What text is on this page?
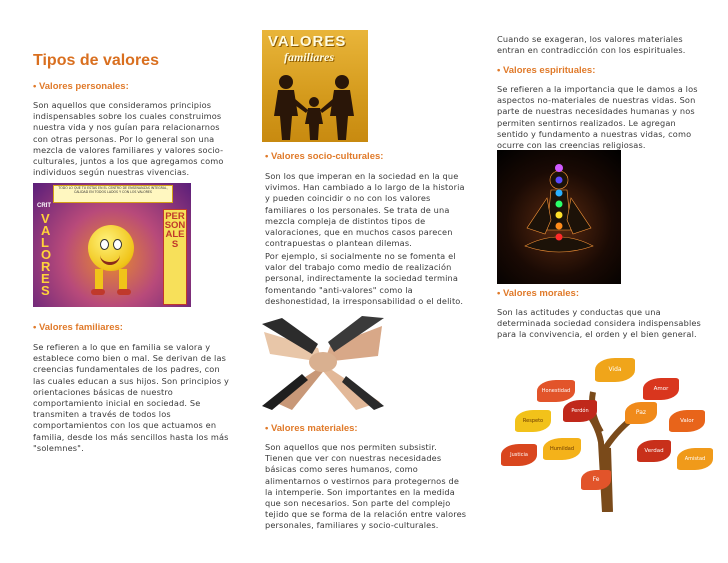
Tipos de valores
• Valores personales:
Son aquellos que consideramos principios indispensables sobre los cuales construimos nuestra vida y nos guían para relacionarnos con otras personas. Por lo general son una mezcla de valores familiares y valores socio-culturales, juntos a los que agregamos como individuos según nuestras vivencias.
TODO LO QUE TÚ ESTÁS EN EL CENTRO DE ENSEÑANZAS INTEGRAL, CALIDAD EN TODOS LADOS Y CON LOS VALORES
CRIT
VALORES
PERSONALES
• Valores familiares:
Se refieren a lo que en familia se valora y establece como bien o mal. Se derivan de las creencias fundamentales de los padres, con las cuales educan a sus hijos. Son principios y orientaciones básicas de nuestro comportamiento inicial en sociedad. Se transmiten a través de todos los comportamientos con los que actuamos en familia, desde los más sencillos hasta los más "solemnes".
VALORES
familiares
• Valores socio-culturales:
Son los que imperan en la sociedad en la que vivimos. Han cambiado a lo largo de la historia y pueden coincidir o no con los valores familiares o los personales. Se trata de una mezcla compleja de distintos tipos de valoraciones, que en muchos casos parecen contrapuestas o plantean dilemas.
Por ejemplo, si socialmente no se fomenta el valor del trabajo como medio de realización personal, indirectamente la sociedad termina fomentando "anti-valores" como la deshonestidad, la irresponsabilidad o el delito.
• Valores materiales:
Son aquellos que nos permiten subsistir. Tienen que ver con nuestras necesidades básicas como seres humanos, como alimentarnos o vestirnos para protegernos de la intemperie. Son importantes en la medida que son necesarios. Son parte del complejo tejido que se forma de la relación entre valores personales, familiares y socio-culturales.
Cuando se exageran, los valores materiales entran en contradicción con los espirituales.
• Valores espirituales:
Se refieren a la importancia que le damos a los aspectos no-materiales de nuestras vidas. Son parte de nuestras necesidades humanas y nos permiten sentirnos realizados. Le agregan sentido y fundamento a nuestras vidas, como ocurre con las creencias religiosas.
• Valores morales:
Son las actitudes y conductas que una determinada sociedad considera indispensables para la convivencia, el orden y el bien general.
Honestidad
Vida
Amor
Respeto
Perdón	Paz
Valor
Justicia
Humildad	Verdad
Amistad
Fe
